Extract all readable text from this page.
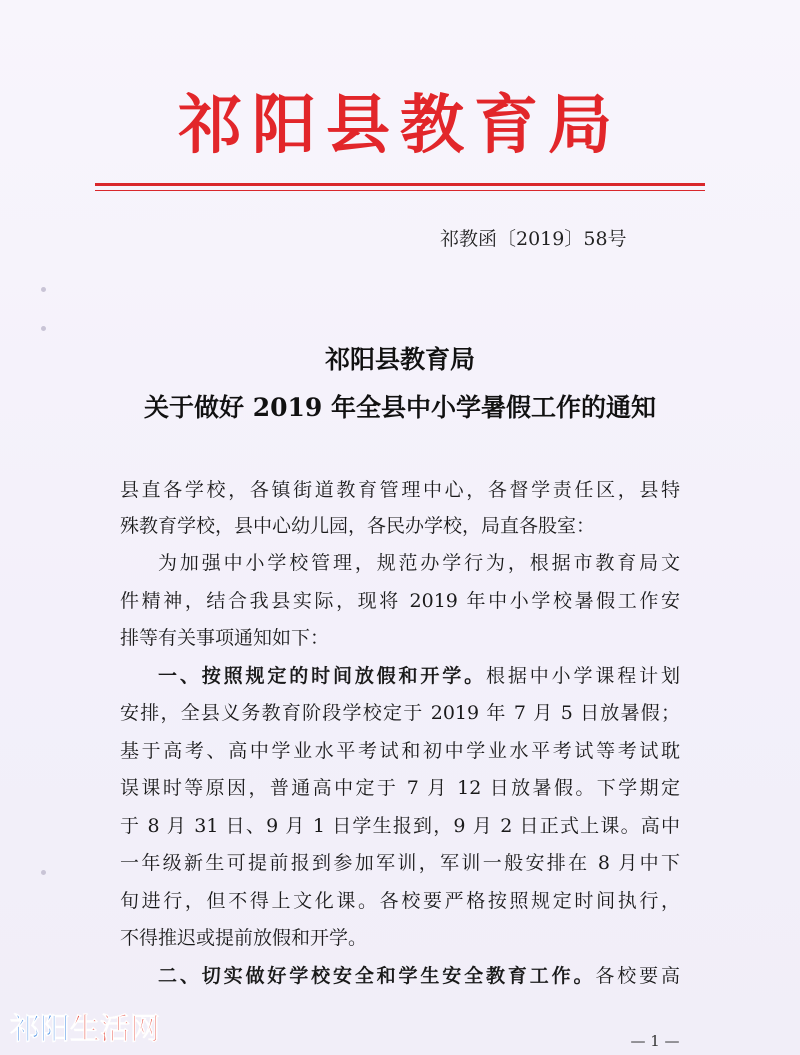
祁阳县教育局
祁教函〔2019〕58号
祁阳县教育局
关于做好 2019 年全县中小学暑假工作的通知
县直各学校，各镇街道教育管理中心，各督学责任区，县特
殊教育学校，县中心幼儿园，各民办学校，局直各股室：
为加强中小学校管理，规范办学行为，根据市教育局文
件精神，结合我县实际，现将 2019 年中小学校暑假工作安
排等有关事项通知如下：
一、按照规定的时间放假和开学。根据中小学课程计划
安排，全县义务教育阶段学校定于 2019 年 7 月 5 日放暑假；
基于高考、高中学业水平考试和初中学业水平考试等考试耽
误课时等原因，普通高中定于 7 月 12 日放暑假。下学期定
于 8 月 31 日、9 月 1 日学生报到，9 月 2 日正式上课。高中
一年级新生可提前报到参加军训，军训一般安排在 8 月中下
旬进行，但不得上文化课。各校要严格按照规定时间执行，
不得推迟或提前放假和开学。
二、切实做好学校安全和学生安全教育工作。各校要高
— 1 —
祁阳 生活网
